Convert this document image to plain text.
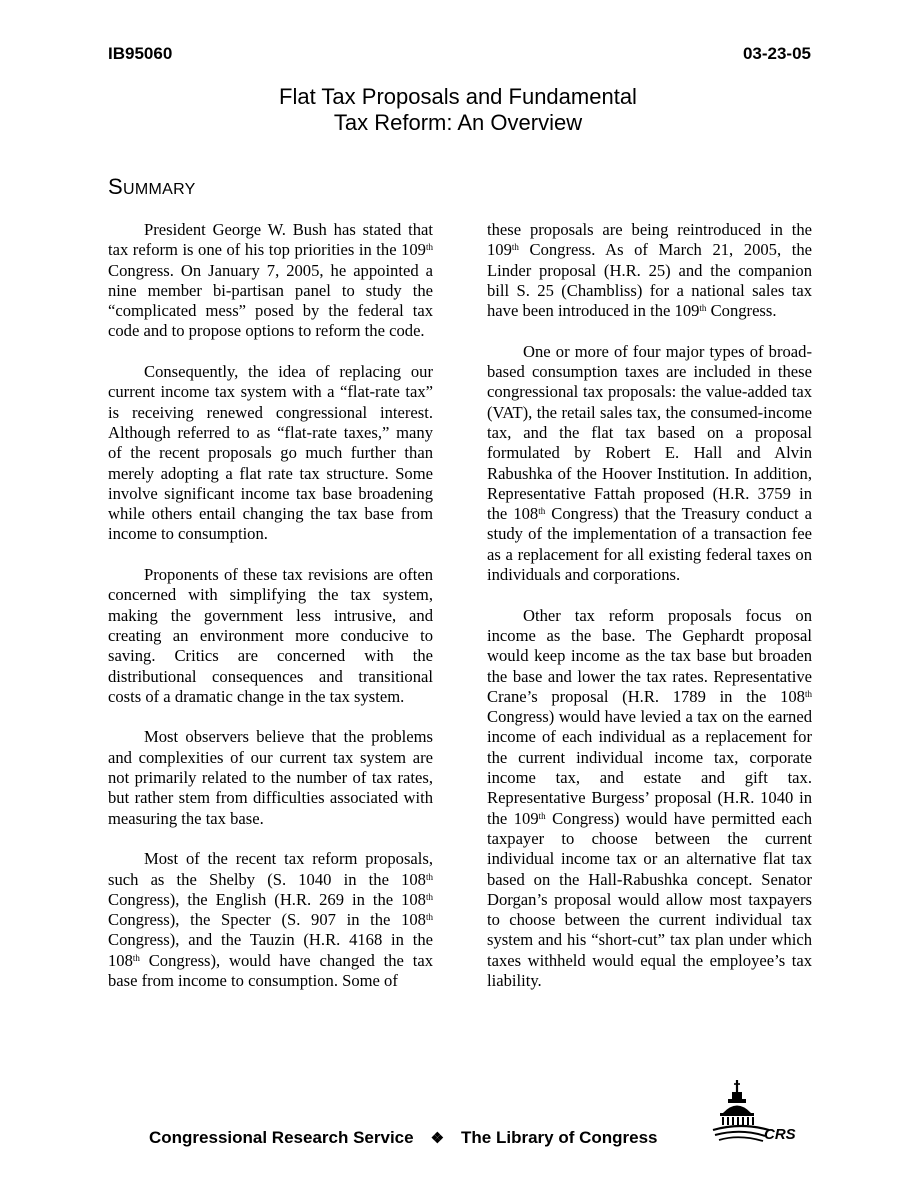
IB95060	03-23-05
Flat Tax Proposals and Fundamental
Tax Reform: An Overview
SUMMARY

President George W. Bush has stated that tax reform is one of his top priorities in the 109th Congress. On January 7, 2005, he appointed a nine member bi-partisan panel to study the “complicated mess” posed by the federal tax code and to propose options to reform the code.

Consequently, the idea of replacing our current income tax system with a “flat-rate tax” is receiving renewed congressional interest. Although referred to as “flat-rate taxes,” many of the recent proposals go much further than merely adopting a flat rate tax structure. Some involve significant income tax base broadening while others entail changing the tax base from income to consumption.

Proponents of these tax revisions are often concerned with simplifying the tax system, making the government less intrusive, and creating an environment more conducive to saving. Critics are concerned with the distributional consequences and transitional costs of a dramatic change in the tax system.

Most observers believe that the problems and complexities of our current tax system are not primarily related to the number of tax rates, but rather stem from difficulties associated with measuring the tax base.

Most of the recent tax reform proposals, such as the Shelby (S. 1040 in the 108th Congress), the English (H.R. 269 in the 108th Congress), the Specter (S. 907 in the 108th Congress), and the Tauzin (H.R. 4168 in the 108th Congress), would have changed the tax base from income to consumption. Some of

these proposals are being reintroduced in the 109th Congress. As of March 21, 2005, the Linder proposal (H.R. 25) and the companion bill S. 25 (Chambliss) for a national sales tax have been introduced in the 109th Congress.

One or more of four major types of broad-based consumption taxes are included in these congressional tax proposals: the value-added tax (VAT), the retail sales tax, the consumed-income tax, and the flat tax based on a proposal formulated by Robert E. Hall and Alvin Rabushka of the Hoover Institution. In addition, Representative Fattah proposed (H.R. 3759 in the 108th Congress) that the Treasury conduct a study of the implementation of a transaction fee as a replacement for all existing federal taxes on individuals and corporations.

Other tax reform proposals focus on income as the base. The Gephardt proposal would keep income as the tax base but broaden the base and lower the tax rates. Representative Crane’s proposal (H.R. 1789 in the 108th Congress) would have levied a tax on the earned income of each individual as a replacement for the current individual income tax, corporate income tax, and estate and gift tax. Representative Burgess’ proposal (H.R. 1040 in the 109th Congress) would have permitted each taxpayer to choose between the current individual income tax or an alternative flat tax based on the Hall-Rabushka concept. Senator Dorgan’s proposal would allow most taxpayers to choose between the current individual tax system and his “short-cut” tax plan under which taxes withheld would equal the employee’s tax liability.

Congressional Research Service ❖ The Library of Congress	CRS
